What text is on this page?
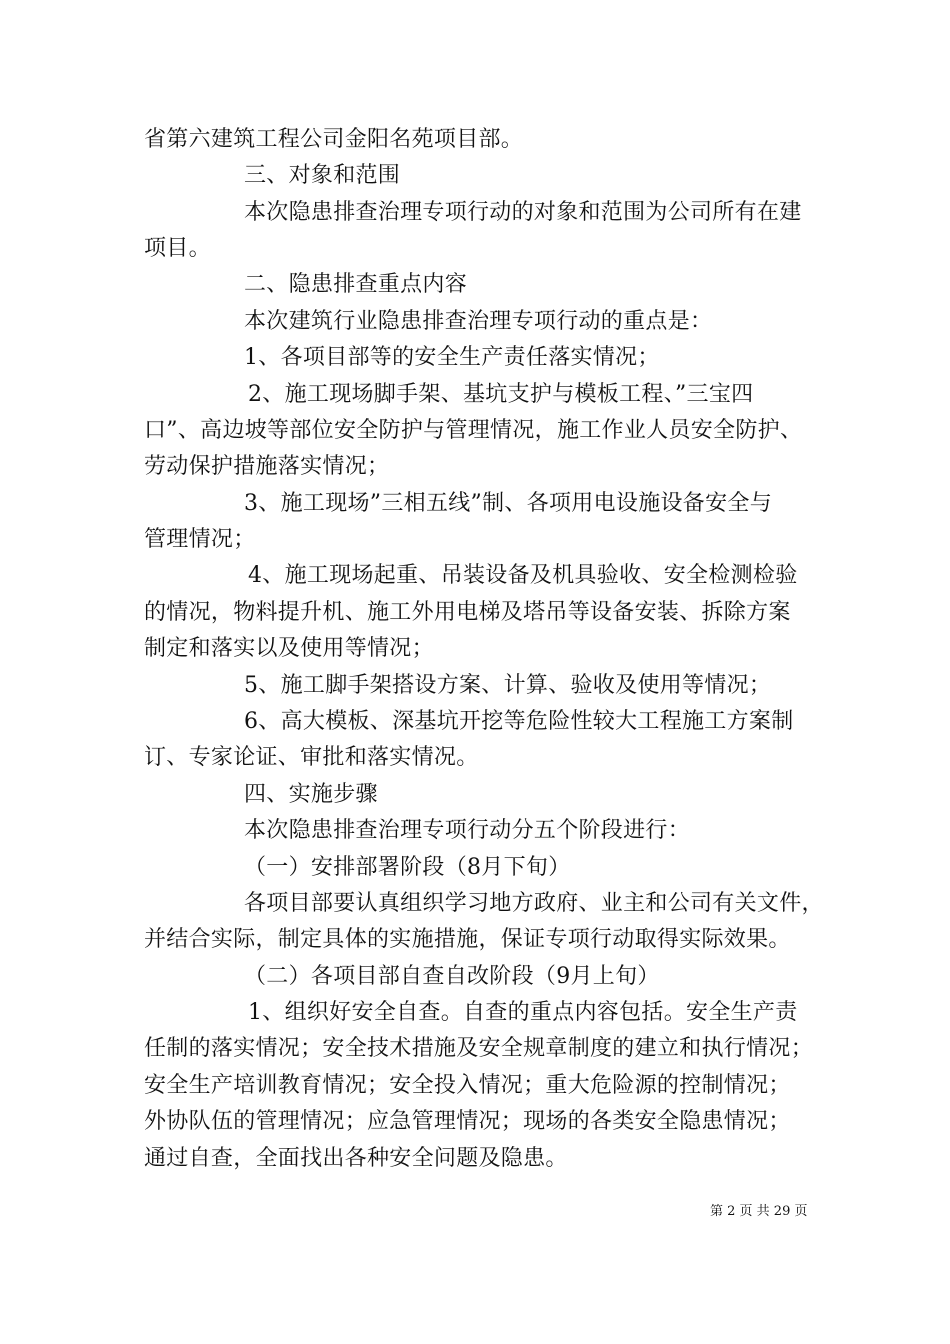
省第六建筑工程公司金阳名苑项目部。
三、对象和范围
本次隐患排查治理专项行动的对象和范围为公司所有在建
项目。
二、隐患排查重点内容
本次建筑行业隐患排查治理专项行动的重点是：
1、各项目部等的安全生产责任落实情况；
2、施工现场脚手架、基坑支护与模板工程、”三宝四
口”、高边坡等部位安全防护与管理情况，施工作业人员安全防护、
劳动保护措施落实情况；
3、施工现场”三相五线”制、各项用电设施设备安全与
管理情况；
4、施工现场起重、吊装设备及机具验收、安全检测检验
的情况，物料提升机、施工外用电梯及塔吊等设备安装、拆除方案
制定和落实以及使用等情况；
5、施工脚手架搭设方案、计算、验收及使用等情况；
6、高大模板、深基坑开挖等危险性较大工程施工方案制
订、专家论证、审批和落实情况。
四、实施步骤
本次隐患排查治理专项行动分五个阶段进行：
（一）安排部署阶段（8月下旬）
各项目部要认真组织学习地方政府、业主和公司有关文件，
并结合实际，制定具体的实施措施，保证专项行动取得实际效果。
（二）各项目部自查自改阶段（9月上旬）
1、组织好安全自查。自查的重点内容包括。安全生产责
任制的落实情况；安全技术措施及安全规章制度的建立和执行情况；
安全生产培训教育情况；安全投入情况；重大危险源的控制情况；
外协队伍的管理情况；应急管理情况；现场的各类安全隐患情况；
通过自查，全面找出各种安全问题及隐患。
第 2 页 共 29 页
